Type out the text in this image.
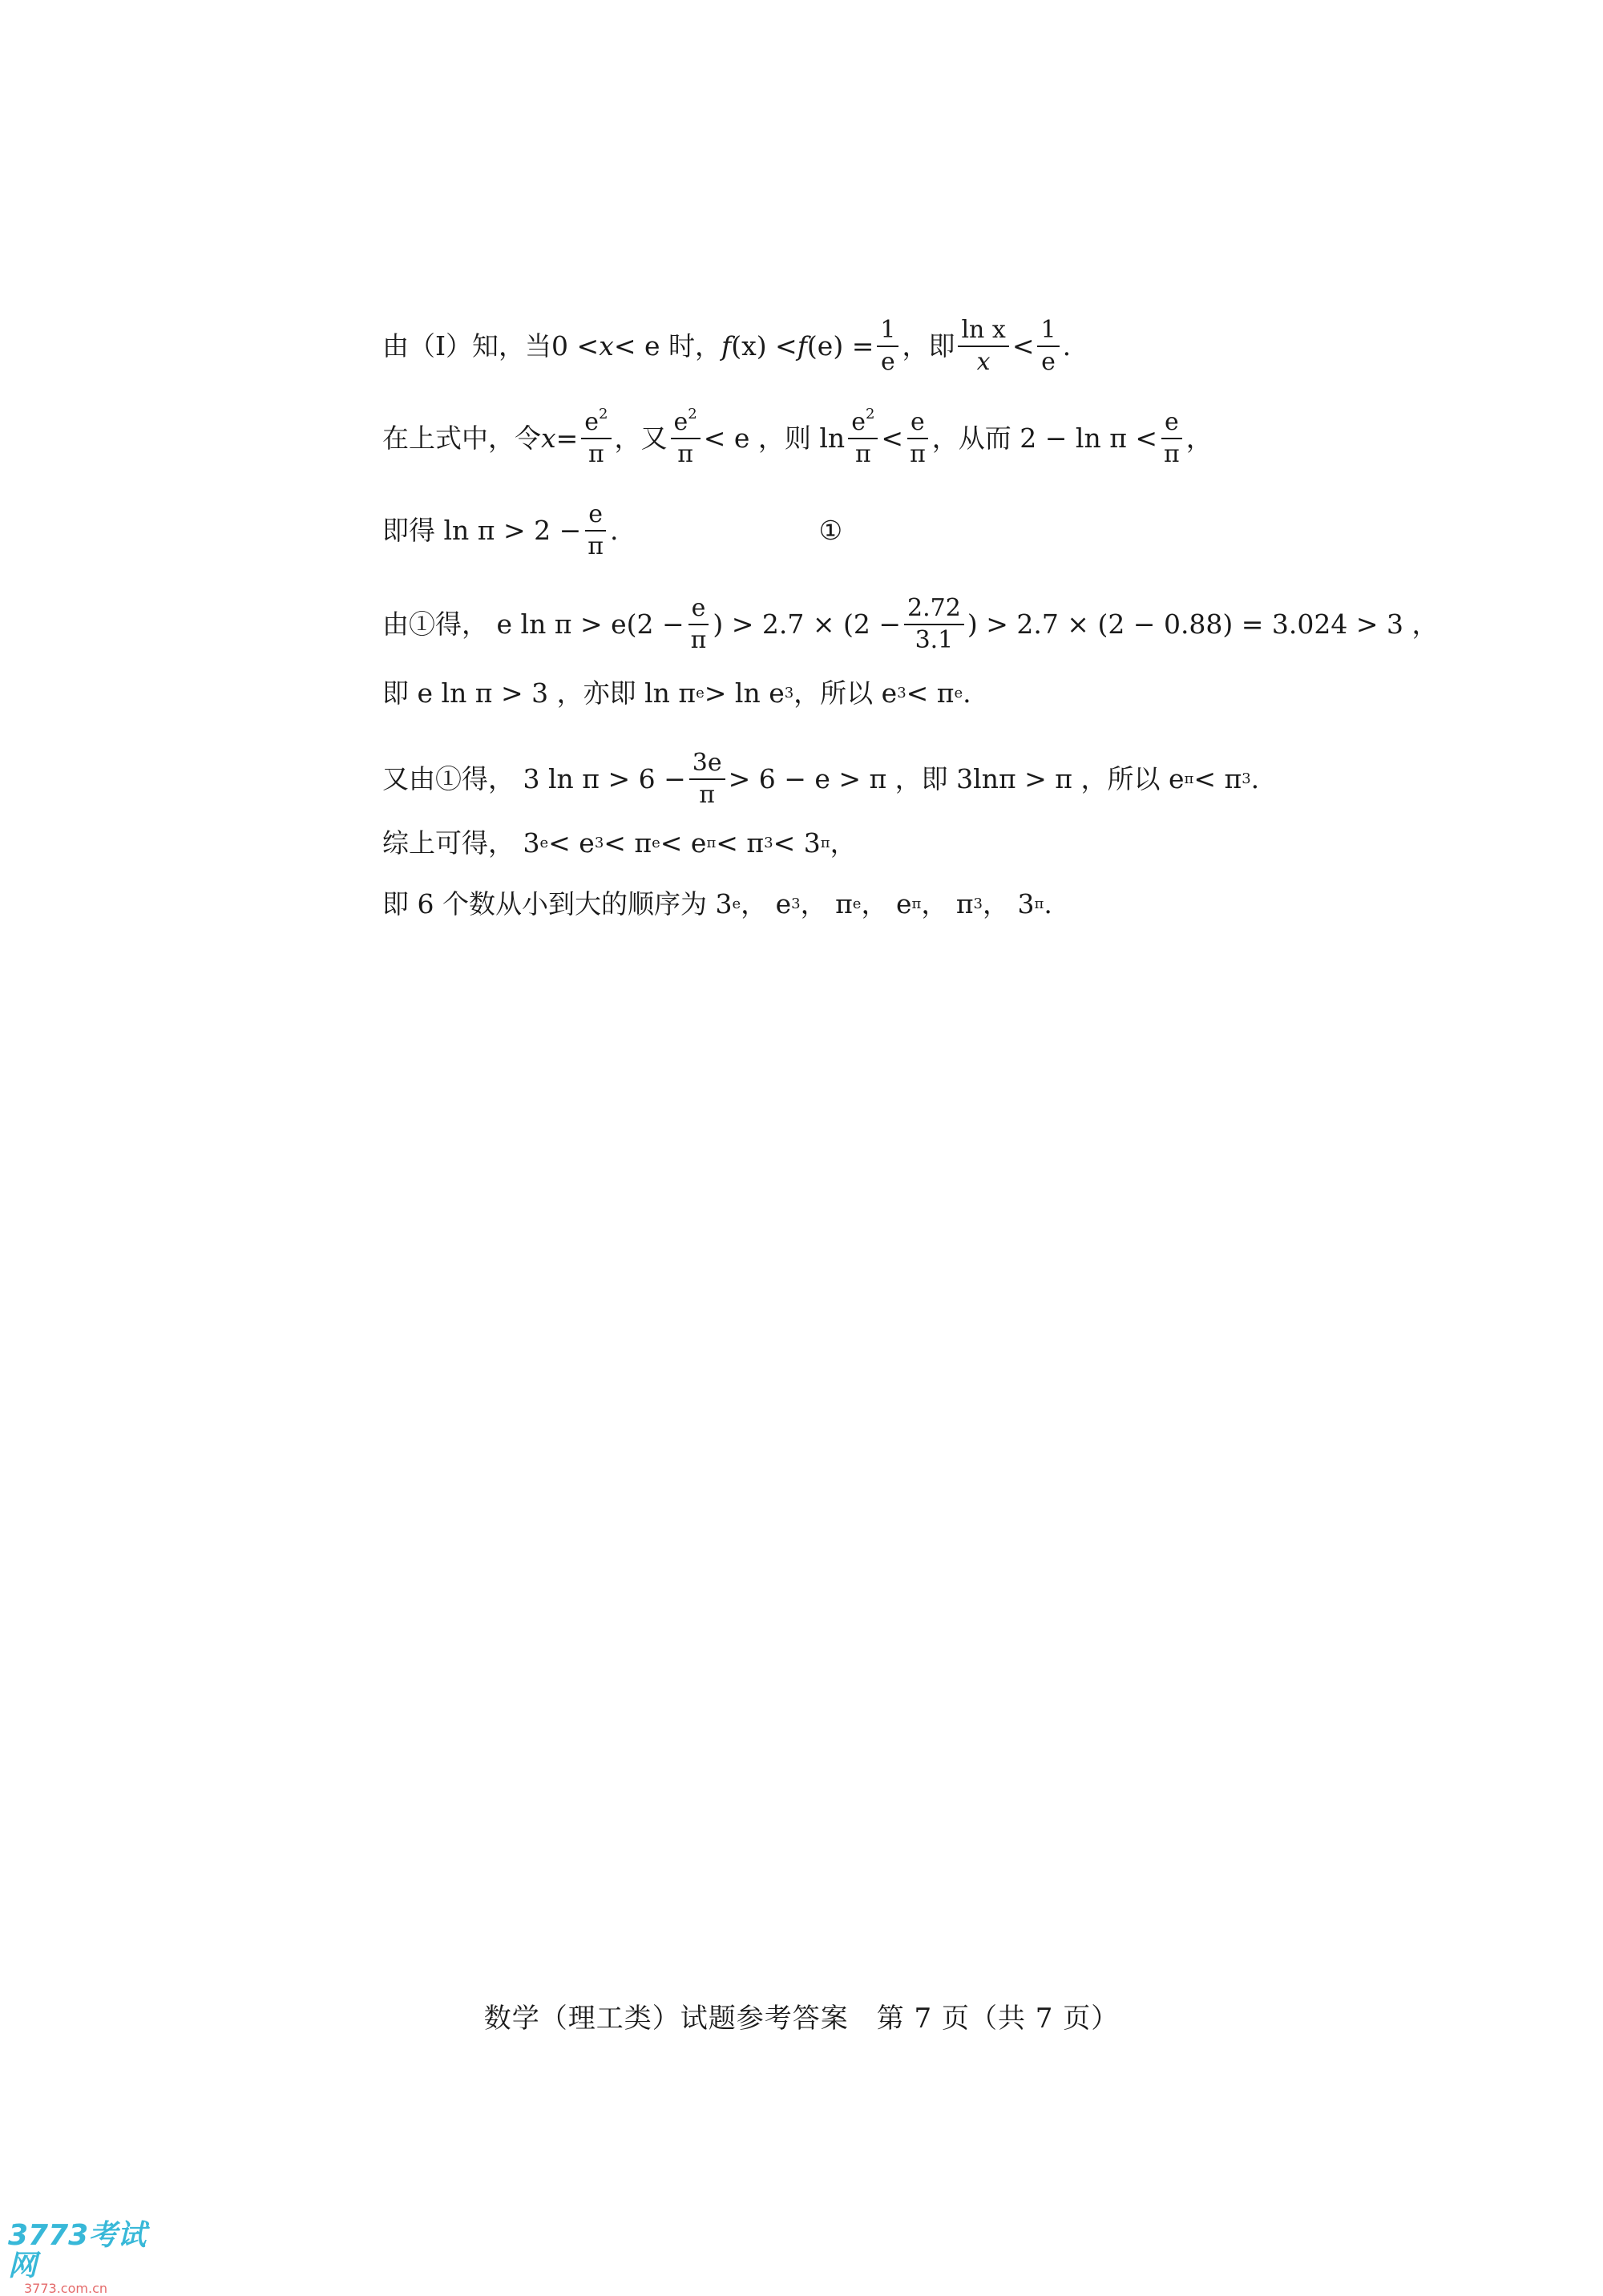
由（Ⅰ）知，当 0 < x < e 时， f (x) < f $(e) = \frac{1}{e}$ ，即 $\frac{\text{ln x}}{x} < \frac{1}{e}$ .
在上式中，令 $x = \frac{e^2}{\pi}$ ，又 $\frac{e^2}{\pi} < e$ ，则 $\ln \frac{e^2}{\pi} < \frac{e}{\pi}$ ，从而 $2 - \ln \pi < \frac{e}{\pi}$ ，
即得 $\ln \pi > 2 - \frac{e}{\pi}$ .	①
由①得， e $\ln \pi > e(2 - \frac{e}{\pi}$ ) > $2.7 \times (2 - \frac{2.72}{3.1}$ ) > 2.7 × (2 − 0.88) = 3.024 > 3 ，
即 e ln π > 3 ，亦即 ln π e > ln e 3 ，所以 e 3 < π e .
又由①得， 3 $\ln \pi > 6 - \frac{3e}{\pi} > 6 - e > \pi$ ，即 3lnπ > π ，所以 e π < π 3 .
综上可得， 3 e < e 3 < π e < e π < π 3 < 3 π ，
即 6 个数从小到大的顺序为 3 e ， e 3 ， π e ， e π ， π 3 ， 3 π .
数学（理工类）试题参考答案　第 7 页（共 7 页）
3773考试网
3773.com.cn
